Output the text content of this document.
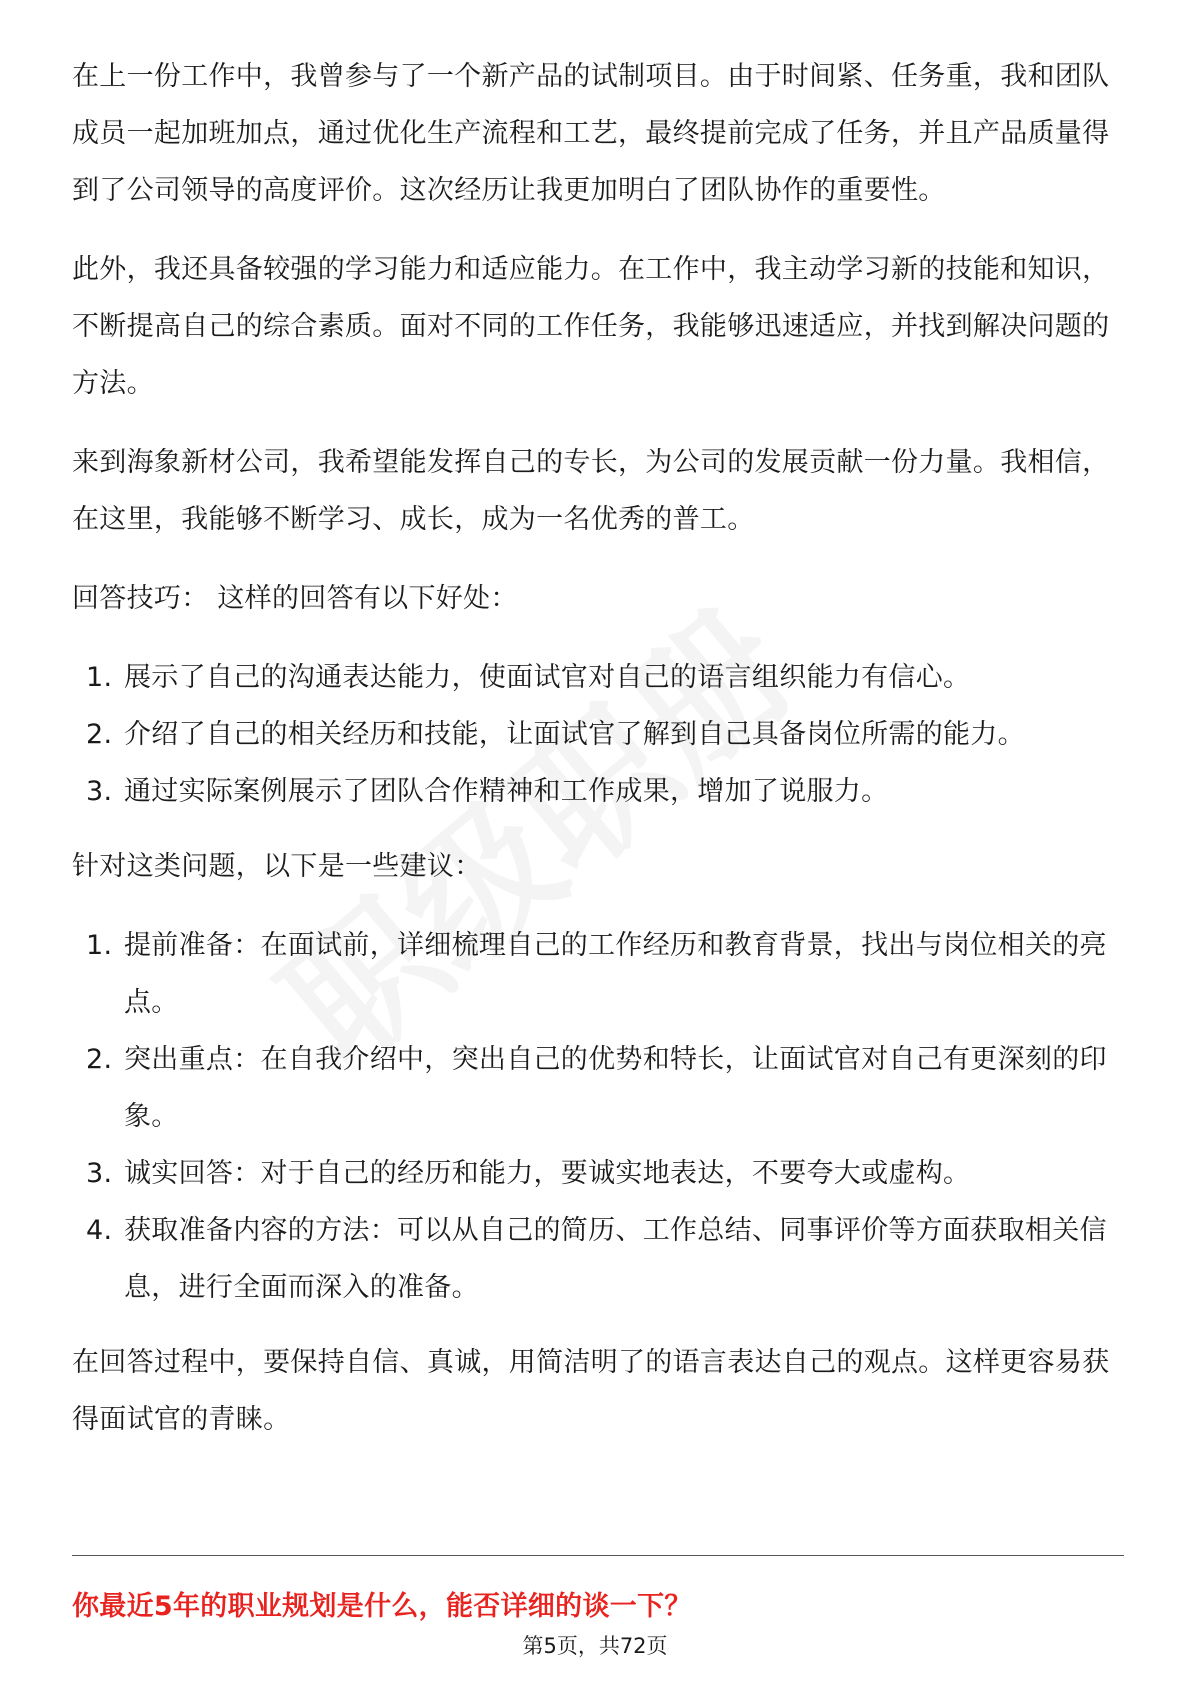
在上一份工作中，我曾参与了一个新产品的试制项目。由于时间紧、任务重，我和团队成员一起加班加点，通过优化生产流程和工艺，最终提前完成了任务，并且产品质量得到了公司领导的高度评价。这次经历让我更加明白了团队协作的重要性。

此外，我还具备较强的学习能力和适应能力。在工作中，我主动学习新的技能和知识，不断提高自己的综合素质。面对不同的工作任务，我能够迅速适应，并找到解决问题的方法。

来到海象新材公司，我希望能发挥自己的专长，为公司的发展贡献一份力量。我相信，在这里，我能够不断学习、成长，成为一名优秀的普工。

回答技巧： 这样的回答有以下好处：

1. 展示了自己的沟通表达能力，使面试官对自己的语言组织能力有信心。
2. 介绍了自己的相关经历和技能，让面试官了解到自己具备岗位所需的能力。
3. 通过实际案例展示了团队合作精神和工作成果，增加了说服力。

针对这类问题，以下是一些建议：

1. 提前准备：在面试前，详细梳理自己的工作经历和教育背景，找出与岗位相关的亮点。
2. 突出重点：在自我介绍中，突出自己的优势和特长，让面试官对自己有更深刻的印象。
3. 诚实回答：对于自己的经历和能力，要诚实地表达，不要夸大或虚构。
4. 获取准备内容的方法：可以从自己的简历、工作总结、同事评价等方面获取相关信息，进行全面而深入的准备。

在回答过程中，要保持自信、真诚，用简洁明了的语言表达自己的观点。这样更容易获得面试官的青睐。

你最近5年的职业规划是什么，能否详细的谈一下？
第5页，共72页
